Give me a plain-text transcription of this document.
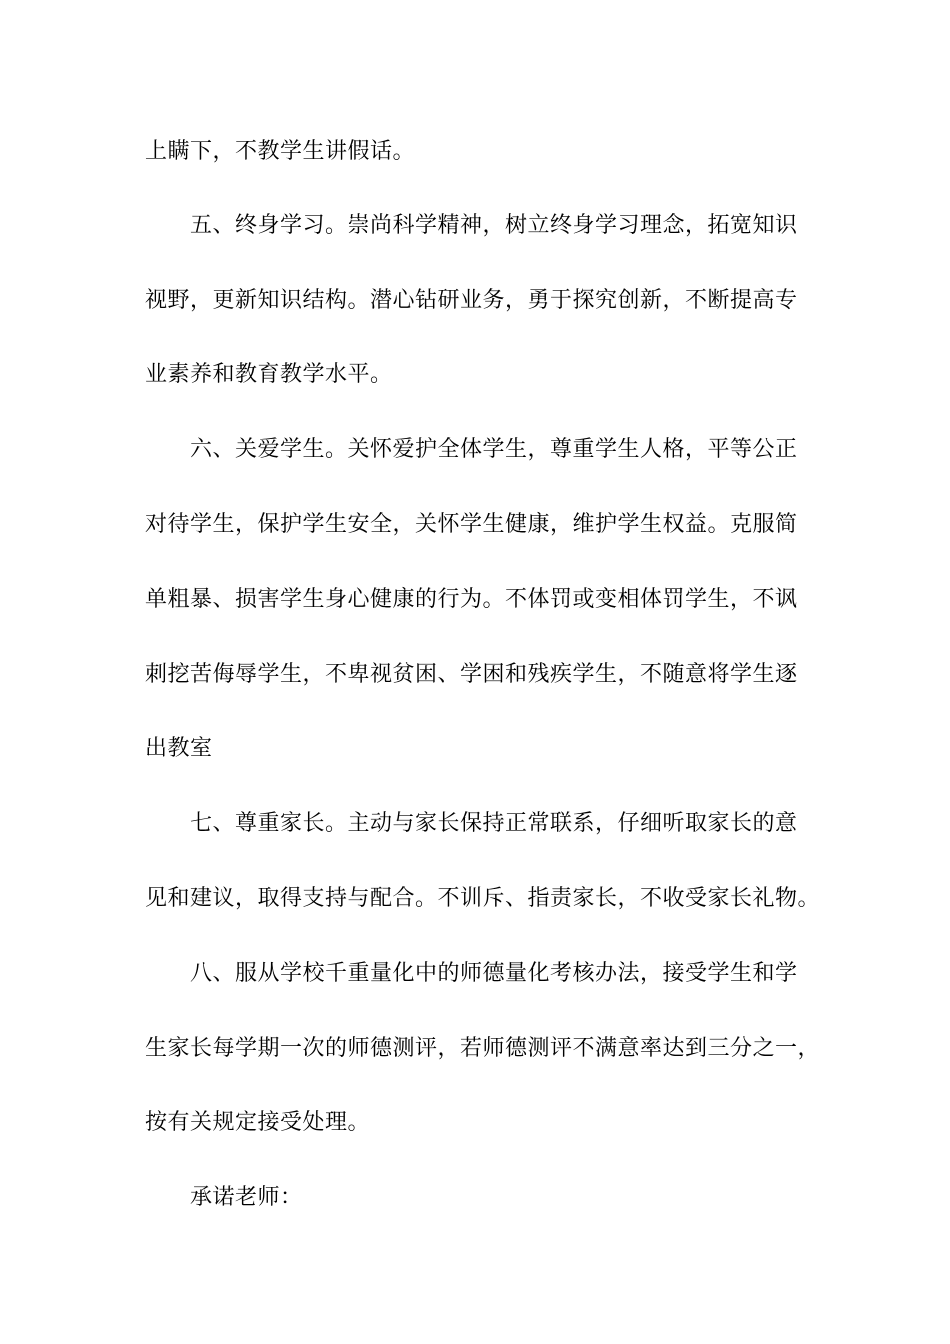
上瞒下，不教学生讲假话。
五、终身学习。崇尚科学精神，树立终身学习理念，拓宽知识
视野，更新知识结构。潜心钻研业务，勇于探究创新，不断提高专
业素养和教育教学水平。
六、关爱学生。关怀爱护全体学生，尊重学生人格，平等公正
对待学生，保护学生安全，关怀学生健康，维护学生权益。克服简
单粗暴、损害学生身心健康的行为。不体罚或变相体罚学生，不讽
刺挖苦侮辱学生，不卑视贫困、学困和残疾学生，不随意将学生逐
出教室
七、尊重家长。主动与家长保持正常联系，仔细听取家长的意
见和建议，取得支持与配合。不训斥、指责家长，不收受家长礼物。
八、服从学校千重量化中的师德量化考核办法，接受学生和学
生家长每学期一次的师德测评，若师德测评不满意率达到三分之一，
按有关规定接受处理。
承诺老师：
